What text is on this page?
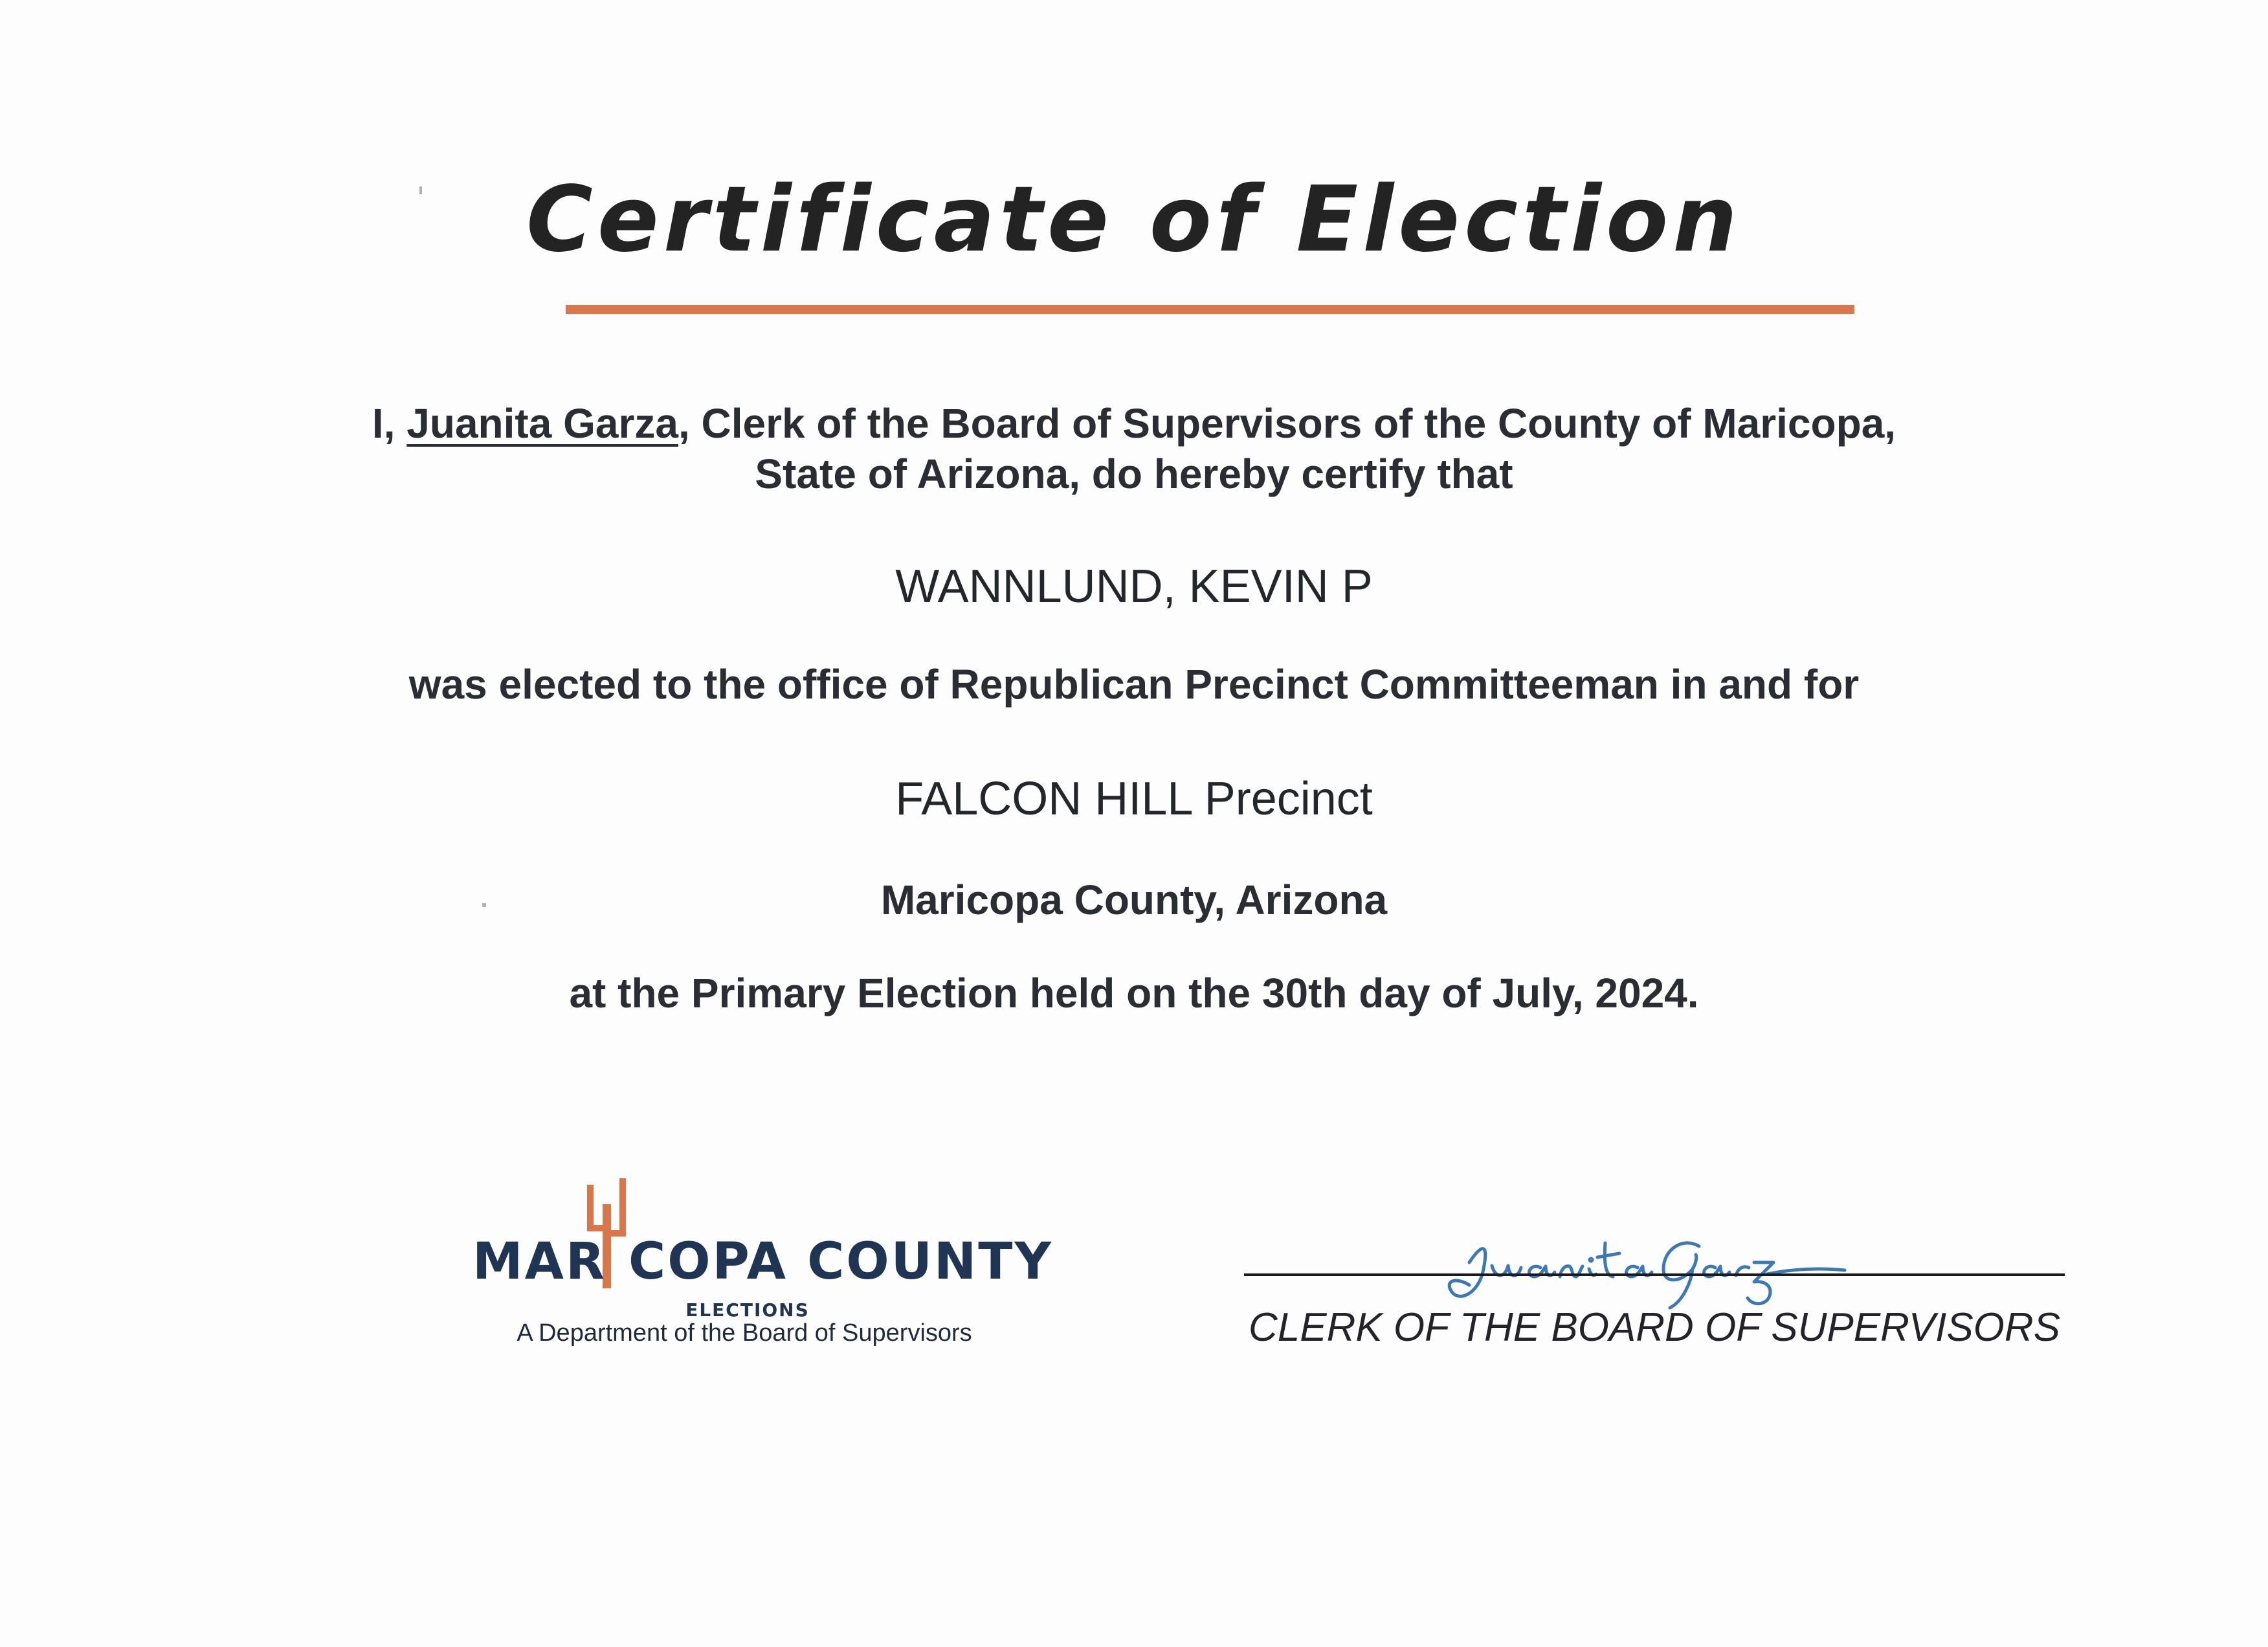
Certificate of Election
I, Juanita Garza, Clerk of the Board of Supervisors of the County of Maricopa,
State of Arizona, do hereby certify that
WANNLUND, KEVIN P
was elected to the office of Republican Precinct Committeeman in and for
FALCON HILL Precinct
Maricopa County, Arizona
at the Primary Election held on the 30th day of July, 2024.
MAR COPA COUNTY
ELECTIONS
A Department of the Board of Supervisors	CLERK OF THE BOARD OF SUPERVISORS
